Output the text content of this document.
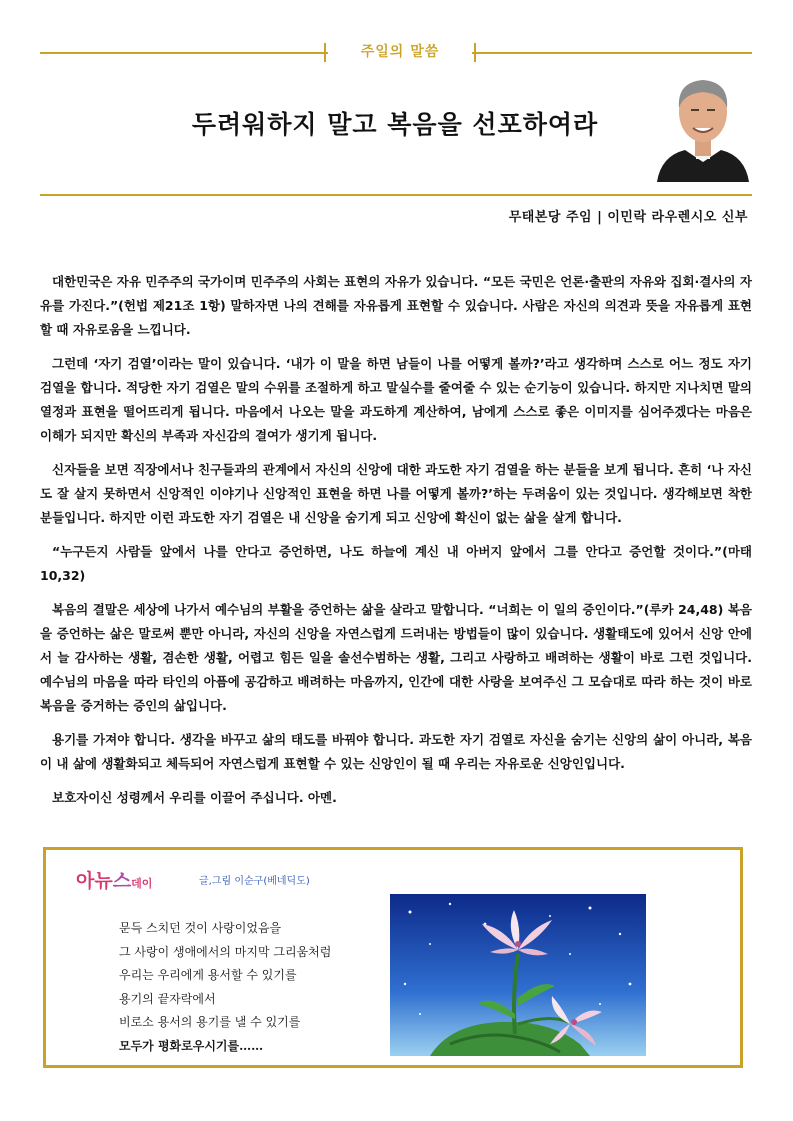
주일의 말씀
두려워하지 말고 복음을 선포하여라
무태본당 주임 | 이민락 라우렌시오 신부

대한민국은 자유 민주주의 국가이며 민주주의 사회는 표현의 자유가 있습니다. “모든 국민은 언론·출판의 자유와 집회·결사의 자유를 가진다.”(헌법 제21조 1항) 말하자면 나의 견해를 자유롭게 표현할 수 있습니다. 사람은 자신의 의견과 뜻을 자유롭게 표현할 때 자유로움을 느낍니다.

그런데 ‘자기 검열’이라는 말이 있습니다. ‘내가 이 말을 하면 남들이 나를 어떻게 볼까?’라고 생각하며 스스로 어느 정도 자기 검열을 합니다. 적당한 자기 검열은 말의 수위를 조절하게 하고 말실수를 줄여줄 수 있는 순기능이 있습니다. 하지만 지나치면 말의 열정과 표현을 떨어뜨리게 됩니다. 마음에서 나오는 말을 과도하게 계산하여, 남에게 스스로 좋은 이미지를 심어주겠다는 마음은 이해가 되지만 확신의 부족과 자신감의 결여가 생기게 됩니다.

신자들을 보면 직장에서나 친구들과의 관계에서 자신의 신앙에 대한 과도한 자기 검열을 하는 분들을 보게 됩니다. 흔히 ‘나 자신도 잘 살지 못하면서 신앙적인 이야기나 신앙적인 표현을 하면 나를 어떻게 볼까?’하는 두려움이 있는 것입니다. 생각해보면 착한 분들입니다. 하지만 이런 과도한 자기 검열은 내 신앙을 숨기게 되고 신앙에 확신이 없는 삶을 살게 합니다.

“누구든지 사람들 앞에서 나를 안다고 증언하면, 나도 하늘에 계신 내 아버지 앞에서 그를 안다고 증언할 것이다.”(마태 10,32)

복음의 결말은 세상에 나가서 예수님의 부활을 증언하는 삶을 살라고 말합니다. “너희는 이 일의 증인이다.”(루카 24,48) 복음을 증언하는 삶은 말로써 뿐만 아니라, 자신의 신앙을 자연스럽게 드러내는 방법들이 많이 있습니다. 생활태도에 있어서 신앙 안에서 늘 감사하는 생활, 겸손한 생활, 어렵고 힘든 일을 솔선수범하는 생활, 그리고 사랑하고 배려하는 생활이 바로 그런 것입니다. 예수님의 마음을 따라 타인의 아픔에 공감하고 배려하는 마음까지, 인간에 대한 사랑을 보여주신 그 모습대로 따라 하는 것이 바로 복음을 증거하는 증인의 삶입니다.

용기를 가져야 합니다. 생각을 바꾸고 삶의 태도를 바꿔야 합니다. 과도한 자기 검열로 자신을 숨기는 신앙의 삶이 아니라, 복음이 내 삶에 생활화되고 체득되어 자연스럽게 표현할 수 있는 신앙인이 될 때 우리는 자유로운 신앙인입니다.

보호자이신 성령께서 우리를 이끌어 주십니다. 아멘.

아뉴스데이	글,그림 이순구(베네딕도)
문득 스치던 것이 사랑이었음을
그 사랑이 생애에서의 마지막 그리움처럼
우리는 우리에게 용서할 수 있기를
용기의 끝자락에서
비로소 용서의 용기를 낼 수 있기를
모두가 평화로우시기를……
